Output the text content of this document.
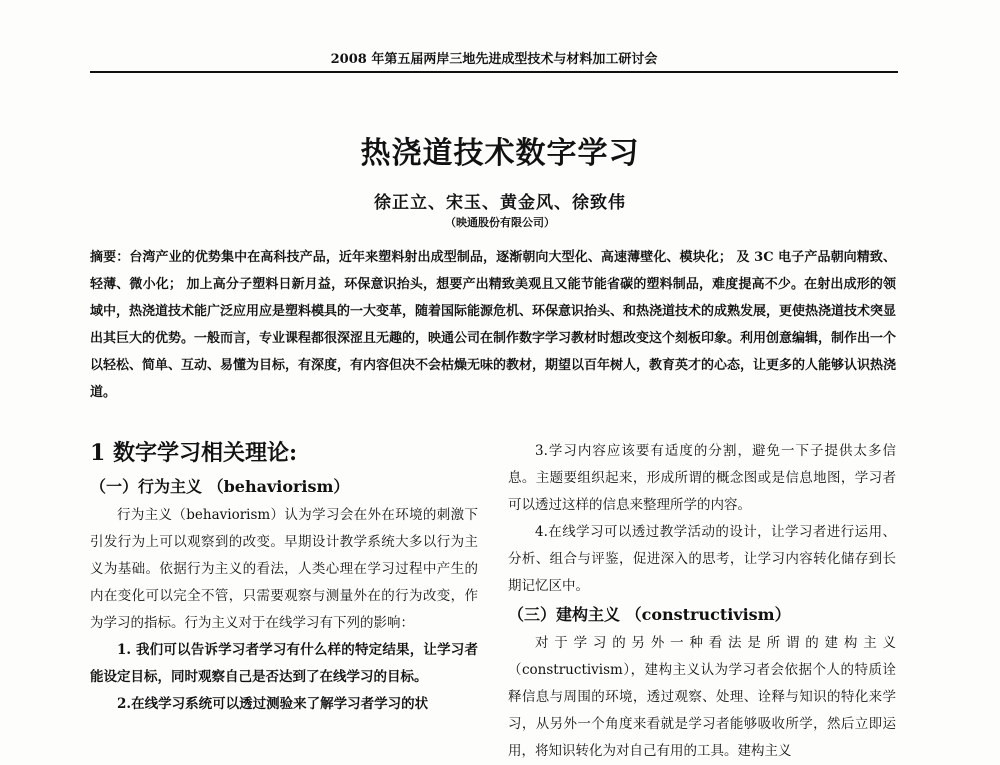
2008 年第五届两岸三地先进成型技术与材料加工研讨会
热浇道技术数字学习
徐正立、宋玉、黄金风、徐致伟
（映通股份有限公司）
摘要：台湾产业的优势集中在高科技产品，近年来塑料射出成型制品，逐渐朝向大型化、高速薄壁化、模块化； 及 3C 电子产品朝向精致、轻薄、微小化； 加上高分子塑料日新月益，环保意识抬头，想要产出精致美观且又能节能省碳的塑料制品，难度提高不少。在射出成形的领域中，热浇道技术能广泛应用应是塑料模具的一大变革，随着国际能源危机、环保意识抬头、和热浇道技术的成熟发展，更使热浇道技术突显出其巨大的优势。一般而言，专业课程都很深涩且无趣的，映通公司在制作数字学习教材时想改变这个刻板印象。利用创意编辑，制作出一个以轻松、简单、互动、易懂为目标，有深度，有内容但决不会枯燥无味的教材，期望以百年树人，教育英才的心态，让更多的人能够认识热浇道。
1 数字学习相关理论:
（一）行为主义 （behaviorism）

行为主义（behaviorism）认为学习会在外在环境的刺激下引发行为上可以观察到的改变。早期设计教学系统大多以行为主义为基础。依据行为主义的看法，人类心理在学习过程中产生的内在变化可以完全不管，只需要观察与测量外在的行为改变，作为学习的指标。行为主义对于在线学习有下列的影响：

1. 我们可以告诉学习者学习有什么样的特定结果，让学习者能设定目标，同时观察自己是否达到了在线学习的目标。

2.在线学习系统可以透过测验来了解学习者学习的状

3.学习内容应该要有适度的分割，避免一下子提供太多信息。主题要组织起来，形成所谓的概念图或是信息地图，学习者可以透过这样的信息来整理所学的内容。

4.在线学习可以透过教学活动的设计，让学习者进行运用、分析、组合与评鉴，促进深入的思考，让学习内容转化储存到长期记忆区中。

（三）建构主义 （constructivism）

对于学习的另外一种看法是所谓的建构主义（constructivism），建构主义认为学习者会依据个人的特质诠释信息与周围的环境，透过观察、处理、诠释与知识的特化来学习，从另外一个角度来看就是学习者能够吸收所学，然后立即运用，将知识转化为对自己有用的工具。建构主义
